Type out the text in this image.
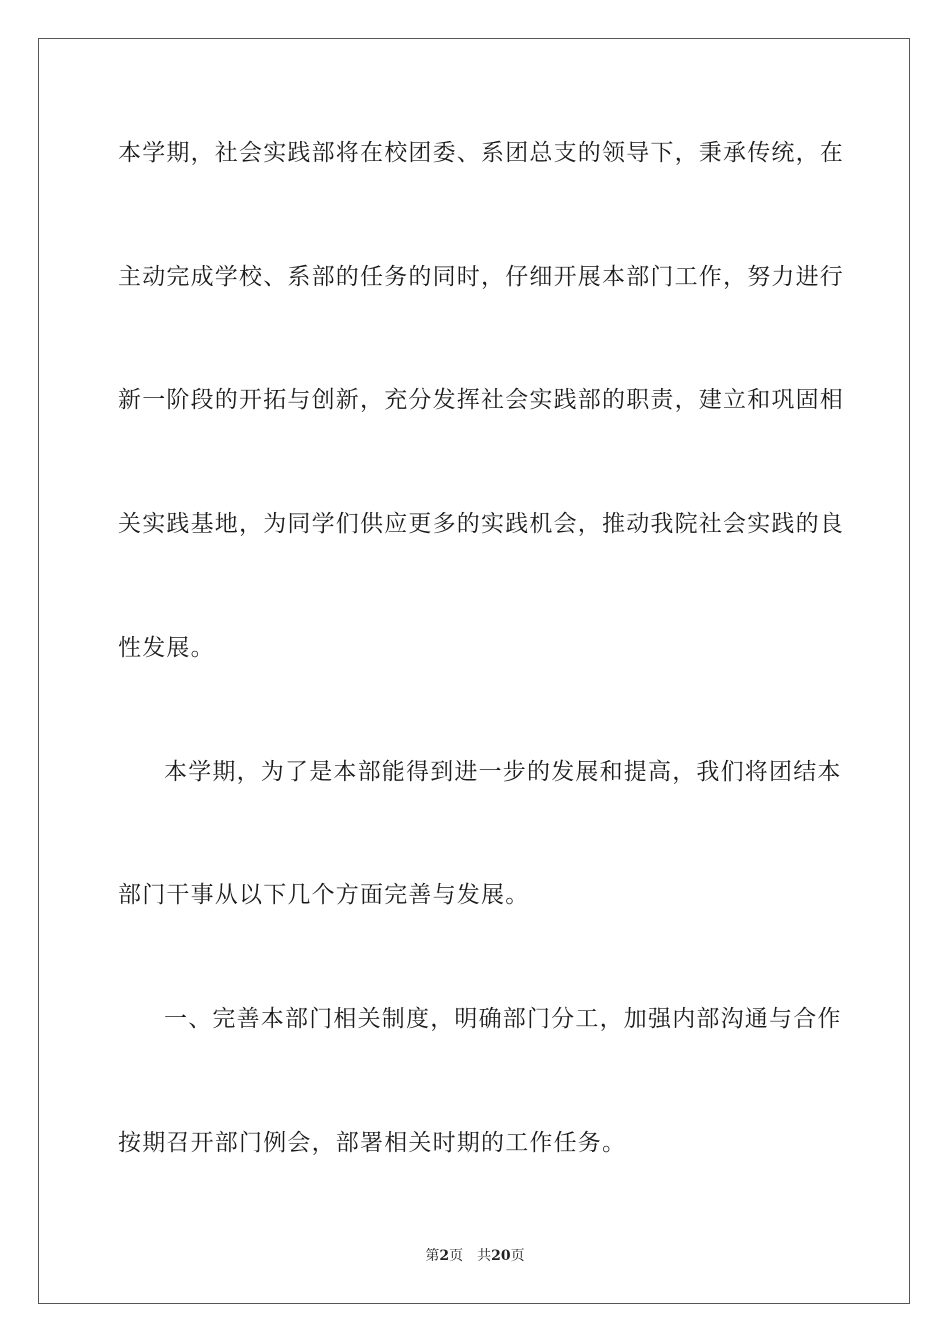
本学期，社会实践部将在校团委、系团总支的领导下，秉承传统，在
主动完成学校、系部的任务的同时，仔细开展本部门工作，努力进行
新一阶段的开拓与创新，充分发挥社会实践部的职责，建立和巩固相
关实践基地，为同学们供应更多的实践机会，推动我院社会实践的良
性发展。
本学期，为了是本部能得到进一步的发展和提高，我们将团结本
部门干事从以下几个方面完善与发展。
一、完善本部门相关制度，明确部门分工，加强内部沟通与合作
按期召开部门例会，部署相关时期的工作任务。
第2页 共20页
